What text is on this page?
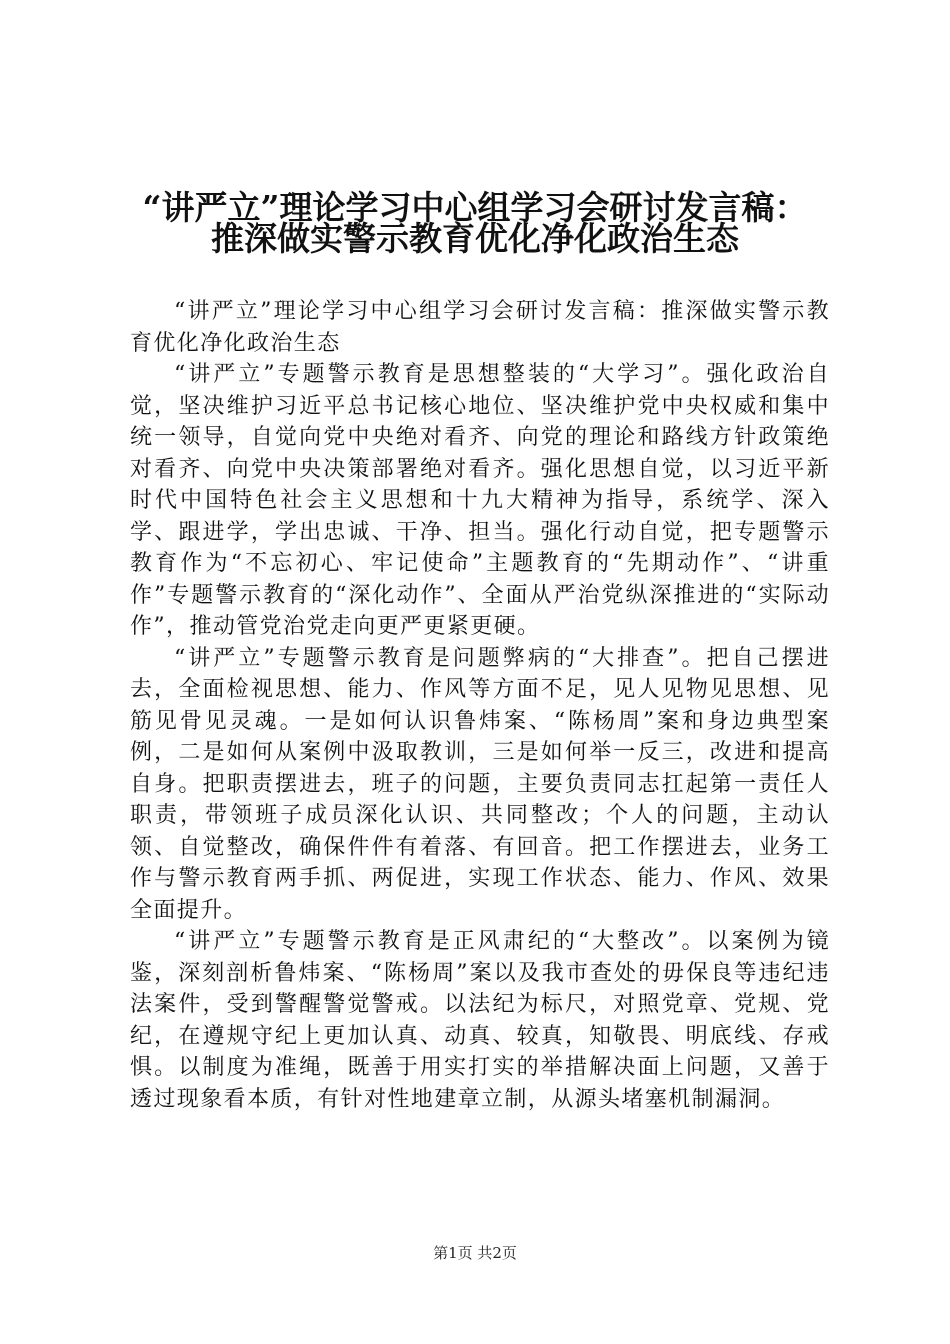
“讲严立”理论学习中心组学习会研讨发言稿：
推深做实警示教育优化净化政治生态

“讲严立”理论学习中心组学习会研讨发言稿：推深做实警示教育优化净化政治生态

“讲严立”专题警示教育是思想整装的“大学习”。强化政治自觉，坚决维护习近平总书记核心地位、坚决维护党中央权威和集中统一领导，自觉向党中央绝对看齐、向党的理论和路线方针政策绝对看齐、向党中央决策部署绝对看齐。强化思想自觉，以习近平新时代中国特色社会主义思想和十九大精神为指导，系统学、深入学、跟进学，学出忠诚、干净、担当。强化行动自觉，把专题警示教育作为“不忘初心、牢记使命”主题教育的“先期动作”、“讲重作”专题警示教育的“深化动作”、全面从严治党纵深推进的“实际动作”，推动管党治党走向更严更紧更硬。

“讲严立”专题警示教育是问题弊病的“大排查”。把自己摆进去，全面检视思想、能力、作风等方面不足，见人见物见思想、见筋见骨见灵魂。一是如何认识鲁炜案、“陈杨周”案和身边典型案例，二是如何从案例中汲取教训，三是如何举一反三，改进和提高自身。把职责摆进去，班子的问题，主要负责同志扛起第一责任人职责，带领班子成员深化认识、共同整改；个人的问题，主动认领、自觉整改，确保件件有着落、有回音。把工作摆进去，业务工作与警示教育两手抓、两促进，实现工作状态、能力、作风、效果全面提升。

“讲严立”专题警示教育是正风肃纪的“大整改”。以案例为镜鉴，深刻剖析鲁炜案、“陈杨周”案以及我市查处的毋保良等违纪违法案件，受到警醒警觉警戒。以法纪为标尺，对照党章、党规、党纪，在遵规守纪上更加认真、动真、较真，知敬畏、明底线、存戒惧。以制度为准绳，既善于用实打实的举措解决面上问题，又善于透过现象看本质，有针对性地建章立制，从源头堵塞机制漏洞。

第1页 共2页
